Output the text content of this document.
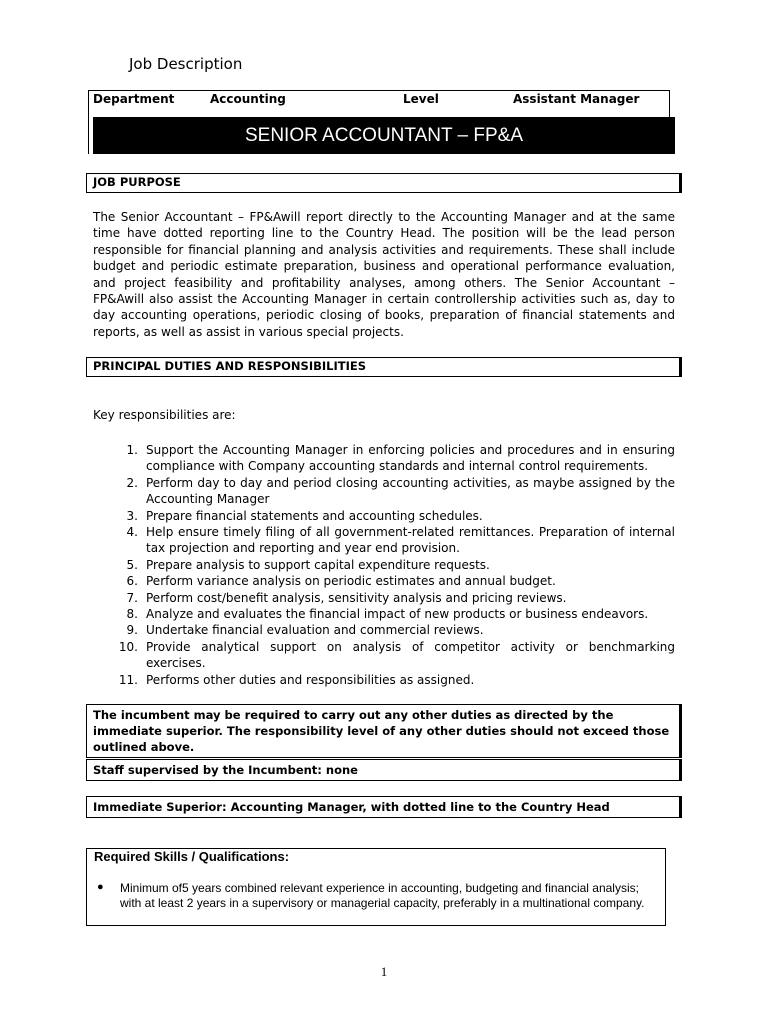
Job Description
Department	Accounting	Level	Assistant Manager
SENIOR ACCOUNTANT – FP&A
JOB PURPOSE
The Senior Accountant – FP&Awill report directly to the Accounting Manager and at the same time have dotted reporting line to the Country Head. The position will be the lead person responsible for financial planning and analysis activities and requirements. These shall include budget and periodic estimate preparation, business and operational performance evaluation, and project feasibility and profitability analyses, among others. The Senior Accountant – FP&Awill also assist the Accounting Manager in certain controllership activities such as, day to day accounting operations, periodic closing of books, preparation of financial statements and reports, as well as assist in various special projects.
PRINCIPAL DUTIES AND RESPONSIBILITIES
Key responsibilities are:
1. Support the Accounting Manager in enforcing policies and procedures and in ensuring compliance with Company accounting standards and internal control requirements.
2. Perform day to day and period closing accounting activities, as maybe assigned by the Accounting Manager
3. Prepare financial statements and accounting schedules.
4. Help ensure timely filing of all government-related remittances. Preparation of internal tax projection and reporting and year end provision.
5. Prepare analysis to support capital expenditure requests.
6. Perform variance analysis on periodic estimates and annual budget.
7. Perform cost/benefit analysis, sensitivity analysis and pricing reviews.
8. Analyze and evaluates the financial impact of new products or business endeavors.
9. Undertake financial evaluation and commercial reviews.
10. Provide analytical support on analysis of competitor activity or benchmarking exercises.
11. Performs other duties and responsibilities as assigned.
The incumbent may be required to carry out any other duties as directed by the immediate superior. The responsibility level of any other duties should not exceed those outlined above.
Staff supervised by the Incumbent: none
Immediate Superior: Accounting Manager, with dotted line to the Country Head
Required Skills / Qualifications:
● Minimum of5 years combined relevant experience in accounting, budgeting and financial analysis; with at least 2 years in a supervisory or managerial capacity, preferably in a multinational company.
1
